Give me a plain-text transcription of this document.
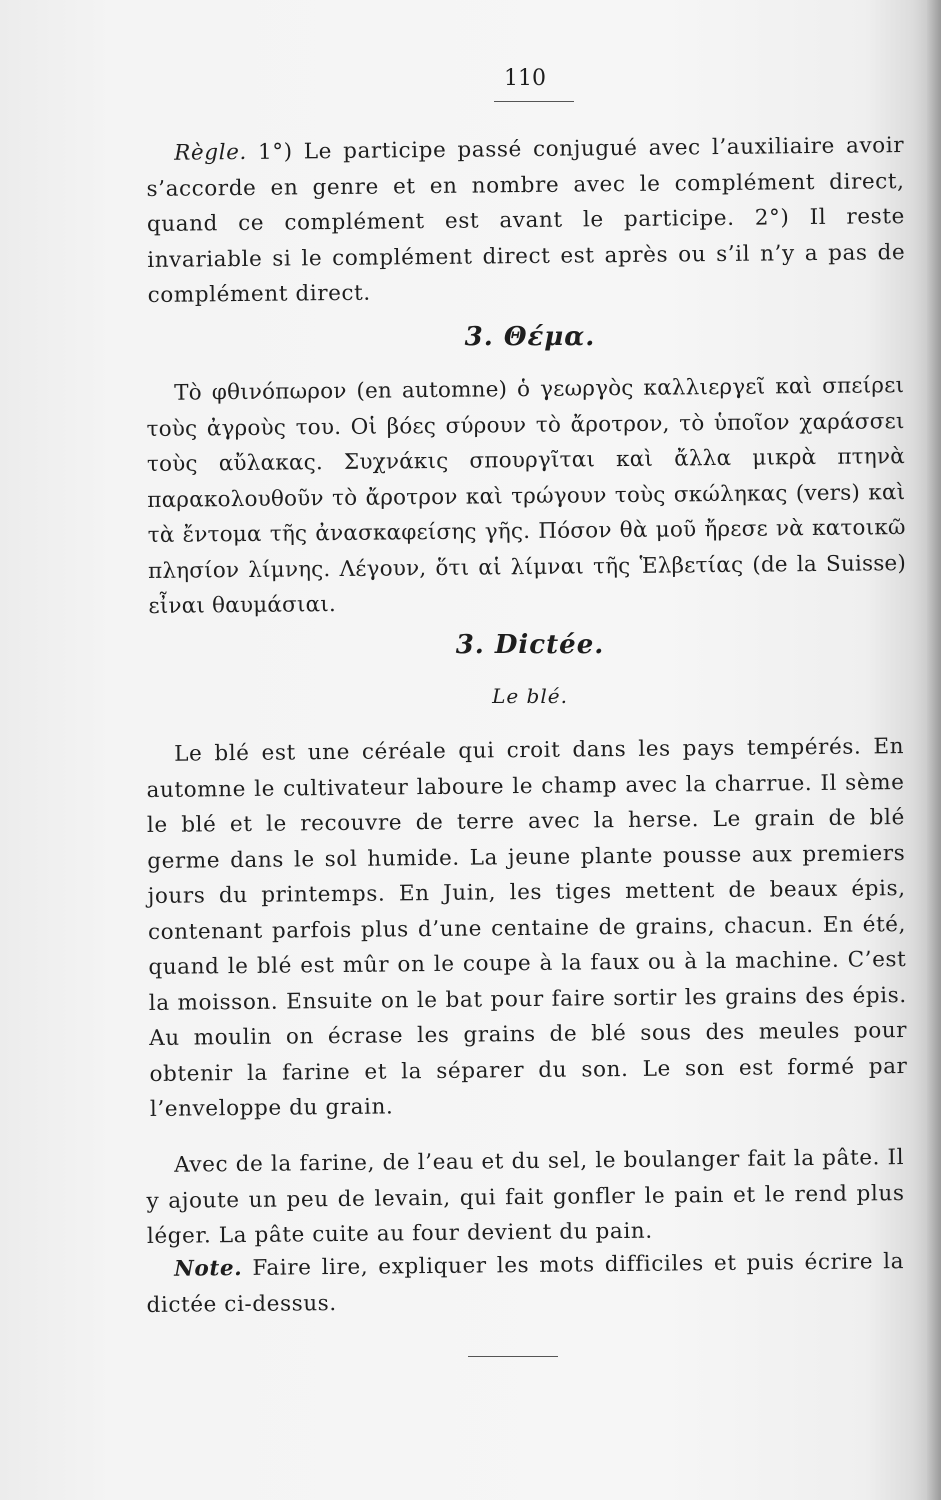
110
Règle. 1°) Le participe passé conjugué avec l’auxiliaire avoir s’accorde en genre et en nombre avec le complément direct, quand ce complément est avant le participe. 2°) Il reste invariable si le complément direct est après ou s’il n’y a pas de complément direct.
3. Θέμα.
Τὸ φθινόπωρον (en automne) ὁ γεωργὸς καλλιεργεῖ καὶ σπείρει τοὺς ἀγροὺς του. Οἱ βόες σύρουν τὸ ἄροτρον, τὸ ὑποῖον χαράσσει τοὺς αὔλακας. Συχνάκις σπουργῖται καὶ ἄλλα μικρὰ πτηνὰ παρακολουθοῦν τὸ ἄροτρον καὶ τρώγουν τοὺς σκώληκας (vers) καὶ τὰ ἔντομα τῆς ἀνασκαφείσης γῆς. Πόσον θὰ μοῦ ἤρεσε νὰ κατοικῶ πλησίον λίμνης. Λέγουν, ὅτι αἱ λίμναι τῆς Ἑλβετίας (de la Suisse) εἶναι θαυμάσιαι.
3. Dictée.
Le blé.
Le blé est une céréale qui croit dans les pays tempérés. En automne le cultivateur laboure le champ avec la charrue. Il sème le blé et le recouvre de terre avec la herse. Le grain de blé germe dans le sol humide. La jeune plante pousse aux premiers jours du printemps. En Juin, les tiges mettent de beaux épis, contenant parfois plus d’une centaine de grains, chacun. En été, quand le blé est mûr on le coupe à la faux ou à la machine. C’est la moisson. Ensuite on le bat pour faire sortir les grains des épis. Au moulin on écrase les grains de blé sous des meules pour obtenir la farine et la séparer du son. Le son est formé par l’enveloppe du grain.
Avec de la farine, de l’eau et du sel, le boulanger fait la pâte. Il y ajoute un peu de levain, qui fait gonfler le pain et le rend plus léger. La pâte cuite au four devient du pain.
Note. Faire lire, expliquer les mots difficiles et puis écrire la dictée ci-dessus.
